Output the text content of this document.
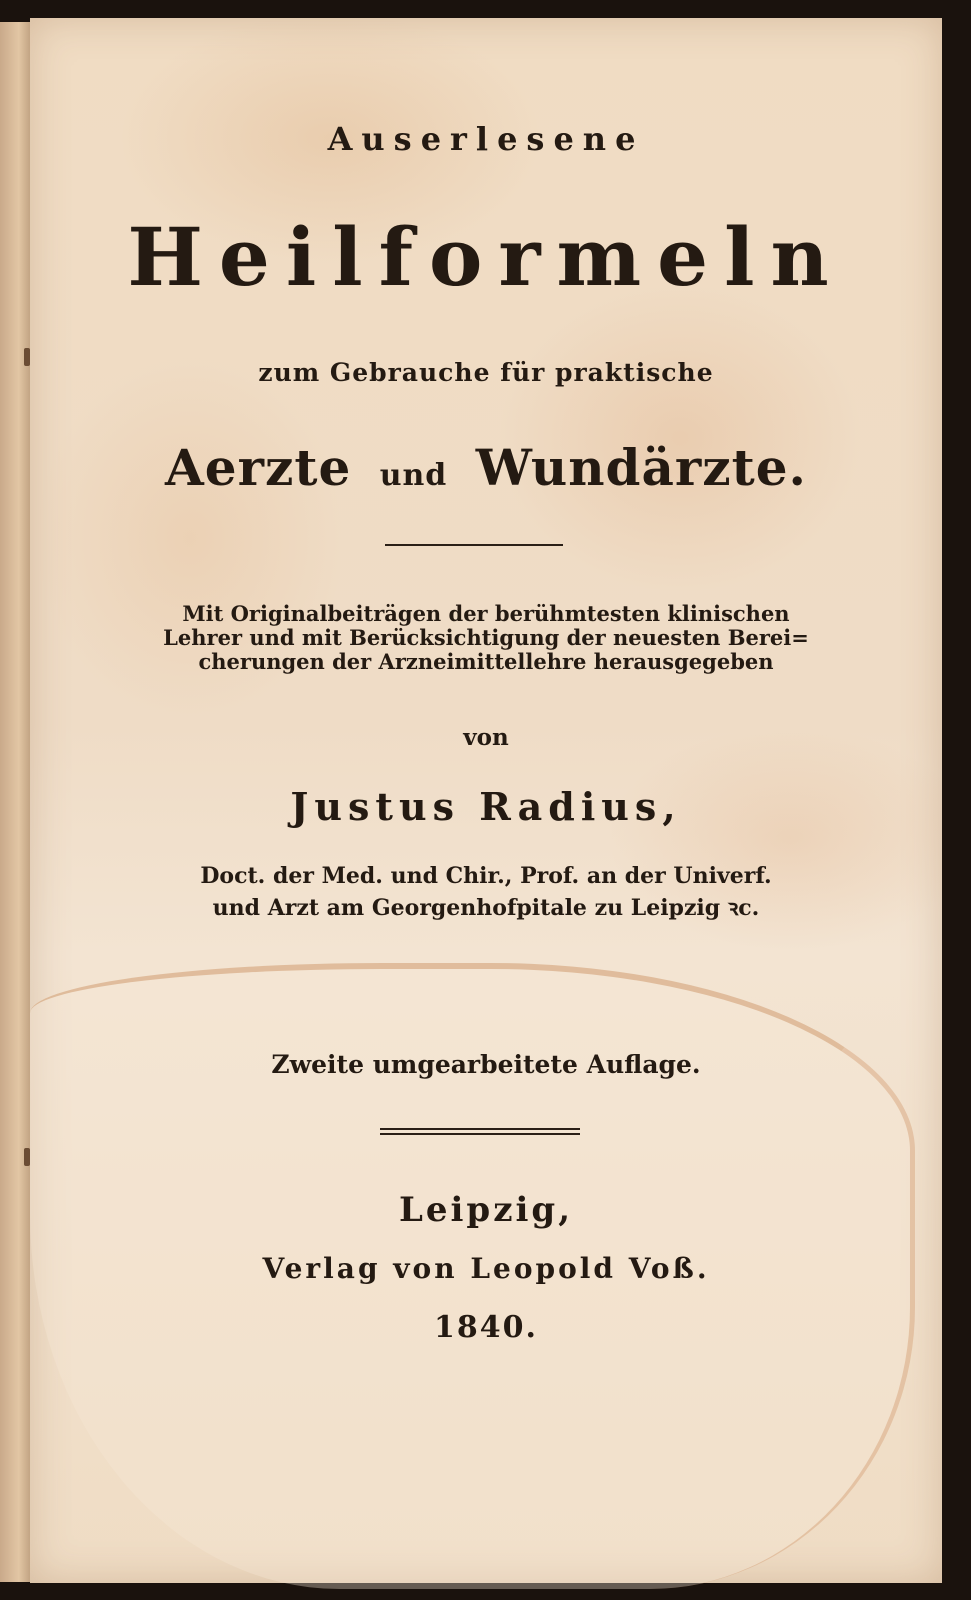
Auserlesene
Heilformeln
zum Gebrauche für praktische
Aerzte und Wundärzte.
Mit Originalbeiträgen der berühmtesten klinischen
Lehrer und mit Berücksichtigung der neuesten Berei=
cherungen der Arzneimittellehre herausgegeben
von
Justus Radius,
Doct. der Med. und Chir., Prof. an der Univerf.
und Arzt am Georgenhofpitale zu Leipzig ꝛc.
Zweite umgearbeitete Auflage.
Leipzig,
Verlag von Leopold Voß.
1840.
